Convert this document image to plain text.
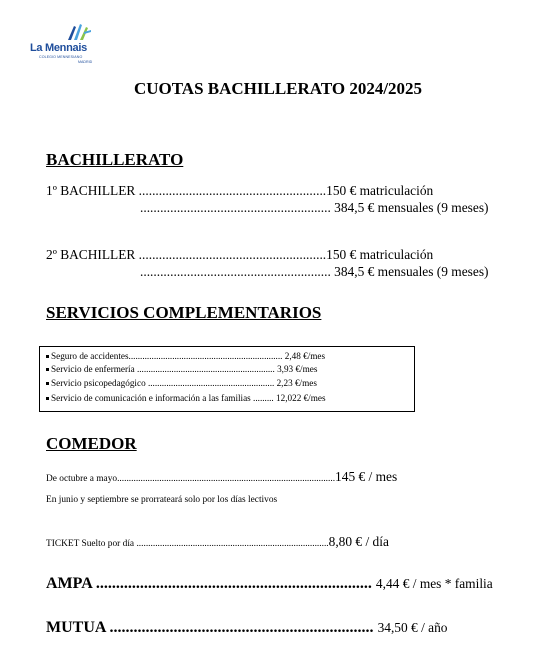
La Mennais
COLEGIO MENNESIANO
MADRID
CUOTAS BACHILLERATO 2024/2025
BACHILLERATO
1º BACHILLER ........................................................150 € matriculación
......................................................... 384,5 € mensuales (9 meses)
2º BACHILLER ........................................................150 € matriculación
......................................................... 384,5 € mensuales (9 meses)
SERVICIOS COMPLEMENTARIOS
Seguro de accidentes................................................................... 2,48 €/mes
Servicio de enfermería ............................................................ 3,93 €/mes
Servicio psicopedagógico ....................................................... 2,23 €/mes
Servicio de comunicación e información a las familias ......... 12,022 €/mes
COMEDOR
De octubre a mayo.............................................................................................145 € / mes
En junio y septiembre se prorrateará solo por los días lectivos
TICKET Suelto por día ..................................................................................8,80 € / día
AMPA ..................................................................... 4,44 € / mes * familia
MUTUA .................................................................. 34,50 € / año
